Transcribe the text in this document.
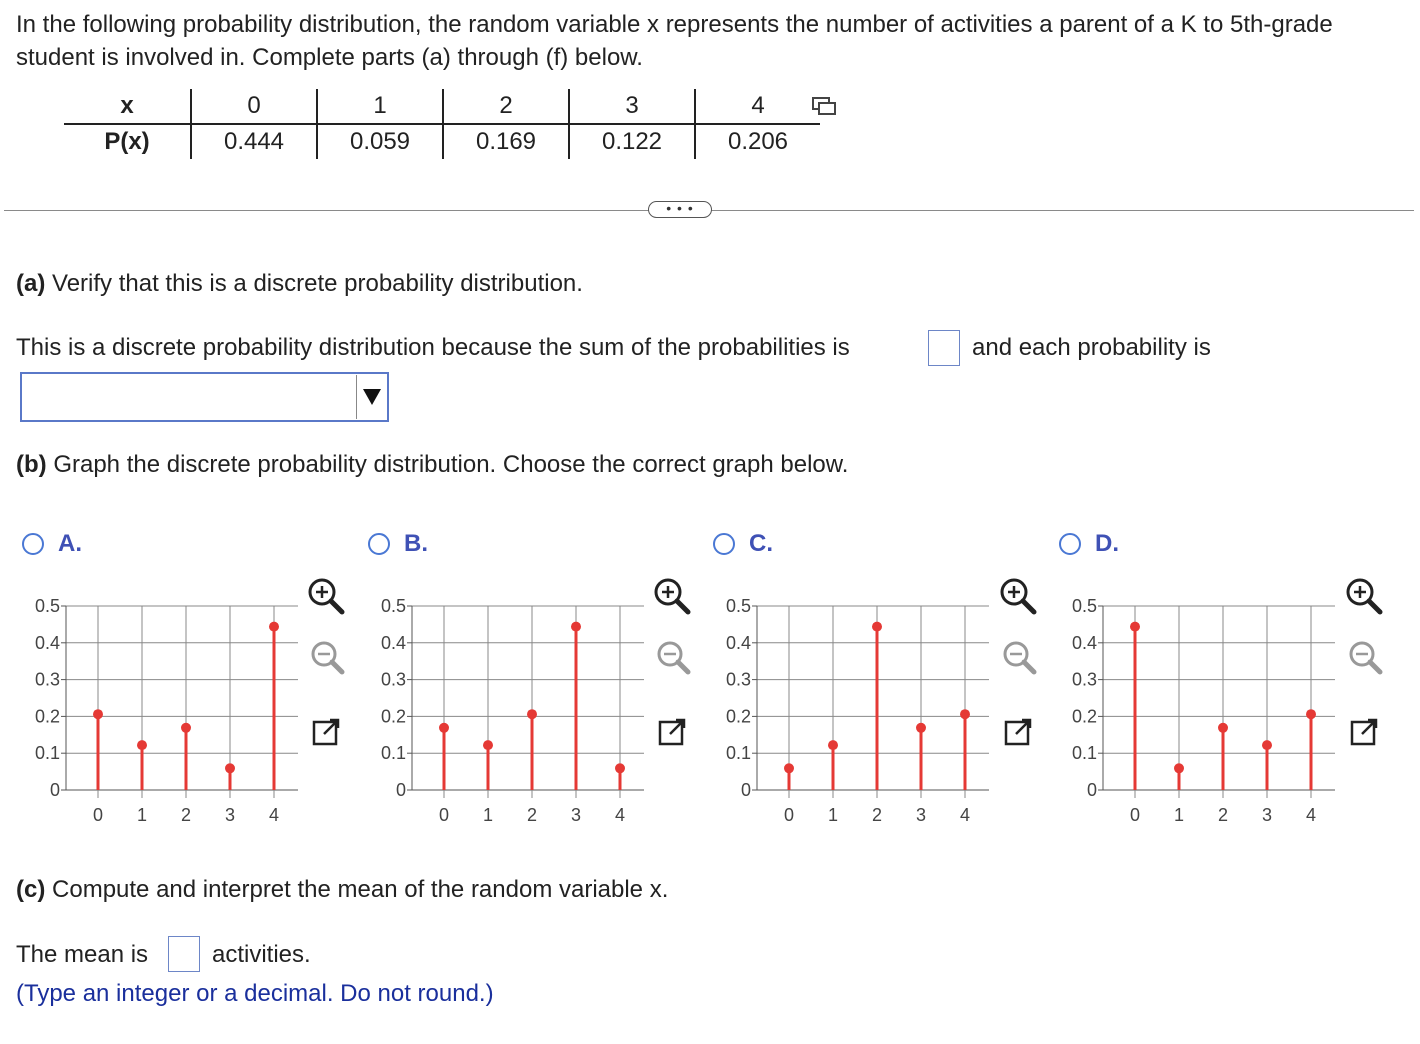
In the following probability distribution, the random variable x represents the number of activities a parent of a K to 5th-grade student is involved in. Complete parts (a) through (f) below.

x	0	1	2	3	4
P(x)	0.444	0.059	0.169	0.122	0.206
• • •
(a) Verify that this is a discrete probability distribution.
This is a discrete probability distribution because the sum of the probabilities is	and each probability is
(b) Graph the discrete probability distribution. Choose the correct graph below.
A.
0
0.1
0.2
0.3
0.4
0.5
0 1 2 3 4
B.
0
0.1
0.2
0.3
0.4
0.5
0 1 2 3 4
C.
0
0.1
0.2
0.3
0.4
0.5
0 1 2 3 4
D.
0
0.1
0.2
0.3
0.4
0.5
0 1 2 3 4
(c) Compute and interpret the mean of the random variable x.
The mean is	activities.
(Type an integer or a decimal. Do not round.)
